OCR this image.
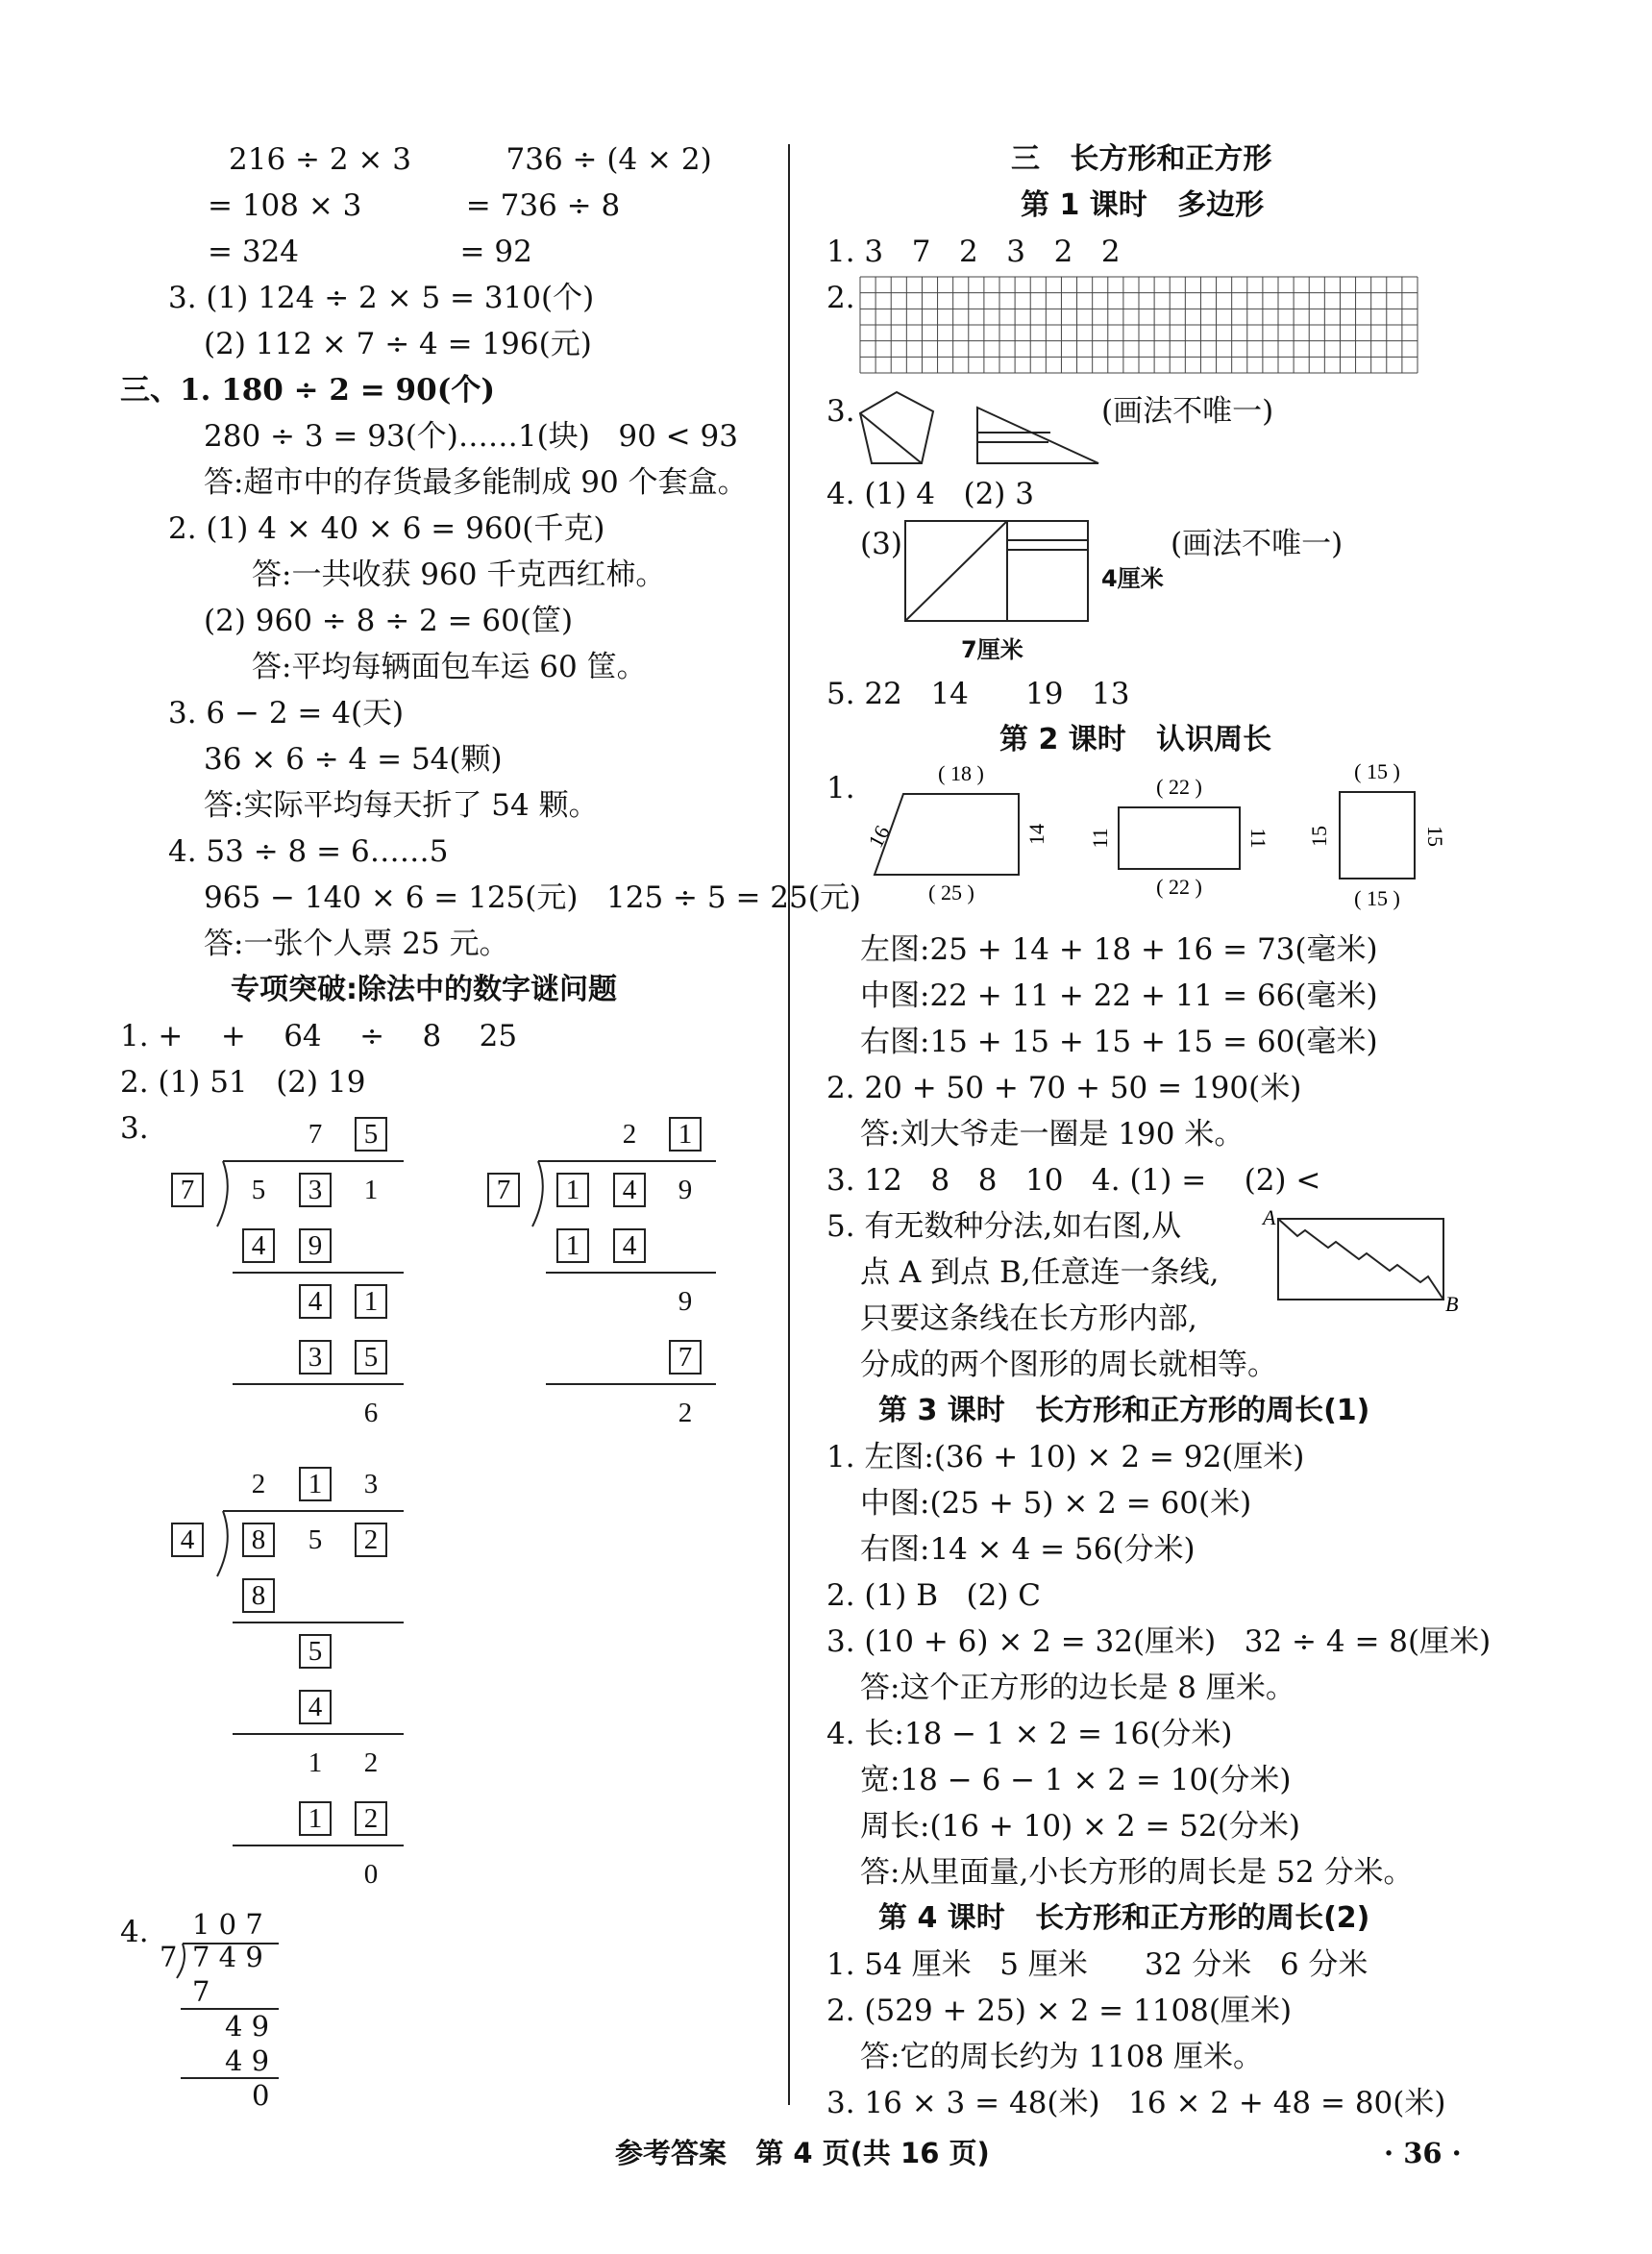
216 ÷ 2 × 3          736 ÷ (4 × 2)
= 108 × 3           = 736 ÷ 8
= 324                 = 92
3. (1) 124 ÷ 2 × 5 = 310(个)
(2) 112 × 7 ÷ 4 = 196(元)
三、1. 180 ÷ 2 = 90(个)
280 ÷ 3 = 93(个)……1(块)   90 < 93
答:超市中的存货最多能制成 90 个套盒。
2. (1) 4 × 40 × 6 = 960(千克)
答:一共收获 960 千克西红柿。
(2) 960 ÷ 8 ÷ 2 = 60(筐)
答:平均每辆面包车运 60 筐。
3. 6 − 2 = 4(天)
36 × 6 ÷ 4 = 54(颗)
答:实际平均每天折了 54 颗。
4. 53 ÷ 8 = 6……5
965 − 140 × 6 = 125(元)   125 ÷ 5 = 25(元)
答:一张个人票 25 元。
专项突破:除法中的数字谜问题
1. +    +    64    ÷    8    25
2. (1) 51   (2) 19
3.
4.
7	5
7	5	3	1
4	9
4	1
3	5
6
2	1
7	1	4	9
1	4
9
7
2
2	1	3
4	8	5	2
8
5
4
1	2
1	2
0
1 0 7
7 7 4 9
7
4 9
4 9
0
三   长方形和正方形
第 1 课时   多边形
1. 3   7   2   3   2   2
2.
3.	(画法不唯一)
4. (1) 4   (2) 3
(3)	(画法不唯一)
4厘米
7厘米
5. 22   14      19   13
第 2 课时   认识周长
1.	( 18 )
( 25 )
16	14
( 22 )
( 22 )
11	11
( 15 )
( 15 )
15	15
左图:25 + 14 + 18 + 16 = 73(毫米)
中图:22 + 11 + 22 + 11 = 66(毫米)
右图:15 + 15 + 15 + 15 = 60(毫米)
2. 20 + 50 + 70 + 50 = 190(米)
答:刘大爷走一圈是 190 米。
3. 12   8   8   10   4. (1) =    (2) <
5. 有无数种分法,如右图,从
点 A 到点 B,任意连一条线,
只要这条线在长方形内部,
分成的两个图形的周长就相等。
A
B
第 3 课时   长方形和正方形的周长(1)
1. 左图:(36 + 10) × 2 = 92(厘米)
中图:(25 + 5) × 2 = 60(米)
右图:14 × 4 = 56(分米)
2. (1) B   (2) C
3. (10 + 6) × 2 = 32(厘米)   32 ÷ 4 = 8(厘米)
答:这个正方形的边长是 8 厘米。
4. 长:18 − 1 × 2 = 16(分米)
宽:18 − 6 − 1 × 2 = 10(分米)
周长:(16 + 10) × 2 = 52(分米)
答:从里面量,小长方形的周长是 52 分米。
第 4 课时   长方形和正方形的周长(2)
1. 54 厘米   5 厘米      32 分米   6 分米
2. (529 + 25) × 2 = 1108(厘米)
答:它的周长约为 1108 厘米。
3. 16 × 3 = 48(米)   16 × 2 + 48 = 80(米)
参考答案   第 4 页(共 16 页)	· 36 ·
